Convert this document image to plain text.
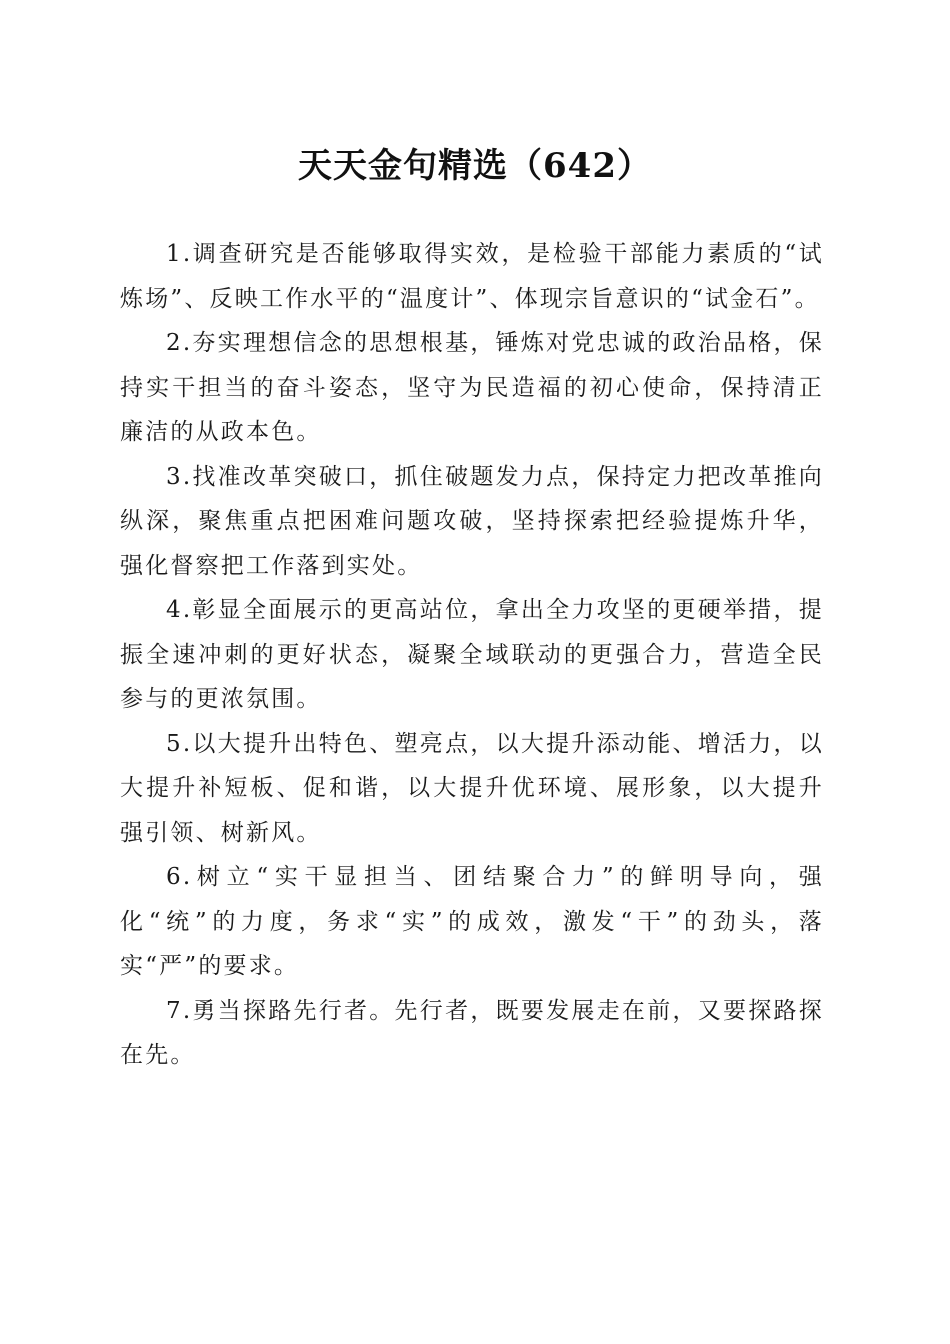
天天金句精选（642）

1.调查研究是否能够取得实效，是检验干部能力素质的“试炼场”、反映工作水平的“温度计”、体现宗旨意识的“试金石”。

2.夯实理想信念的思想根基，锤炼对党忠诚的政治品格，保持实干担当的奋斗姿态，坚守为民造福的初心使命，保持清正廉洁的从政本色。

3.找准改革突破口，抓住破题发力点，保持定力把改革推向纵深，聚焦重点把困难问题攻破，坚持探索把经验提炼升华，强化督察把工作落到实处。

4.彰显全面展示的更高站位，拿出全力攻坚的更硬举措，提振全速冲刺的更好状态，凝聚全域联动的更强合力，营造全民参与的更浓氛围。

5.以大提升出特色、塑亮点，以大提升添动能、增活力，以大提升补短板、促和谐，以大提升优环境、展形象，以大提升强引领、树新风。

6.树立“实干显担当、团结聚合力”的鲜明导向，强化“统”的力度，务求“实”的成效，激发“干”的劲头，落实“严”的要求。

7.勇当探路先行者。先行者，既要发展走在前，又要探路探在先。
